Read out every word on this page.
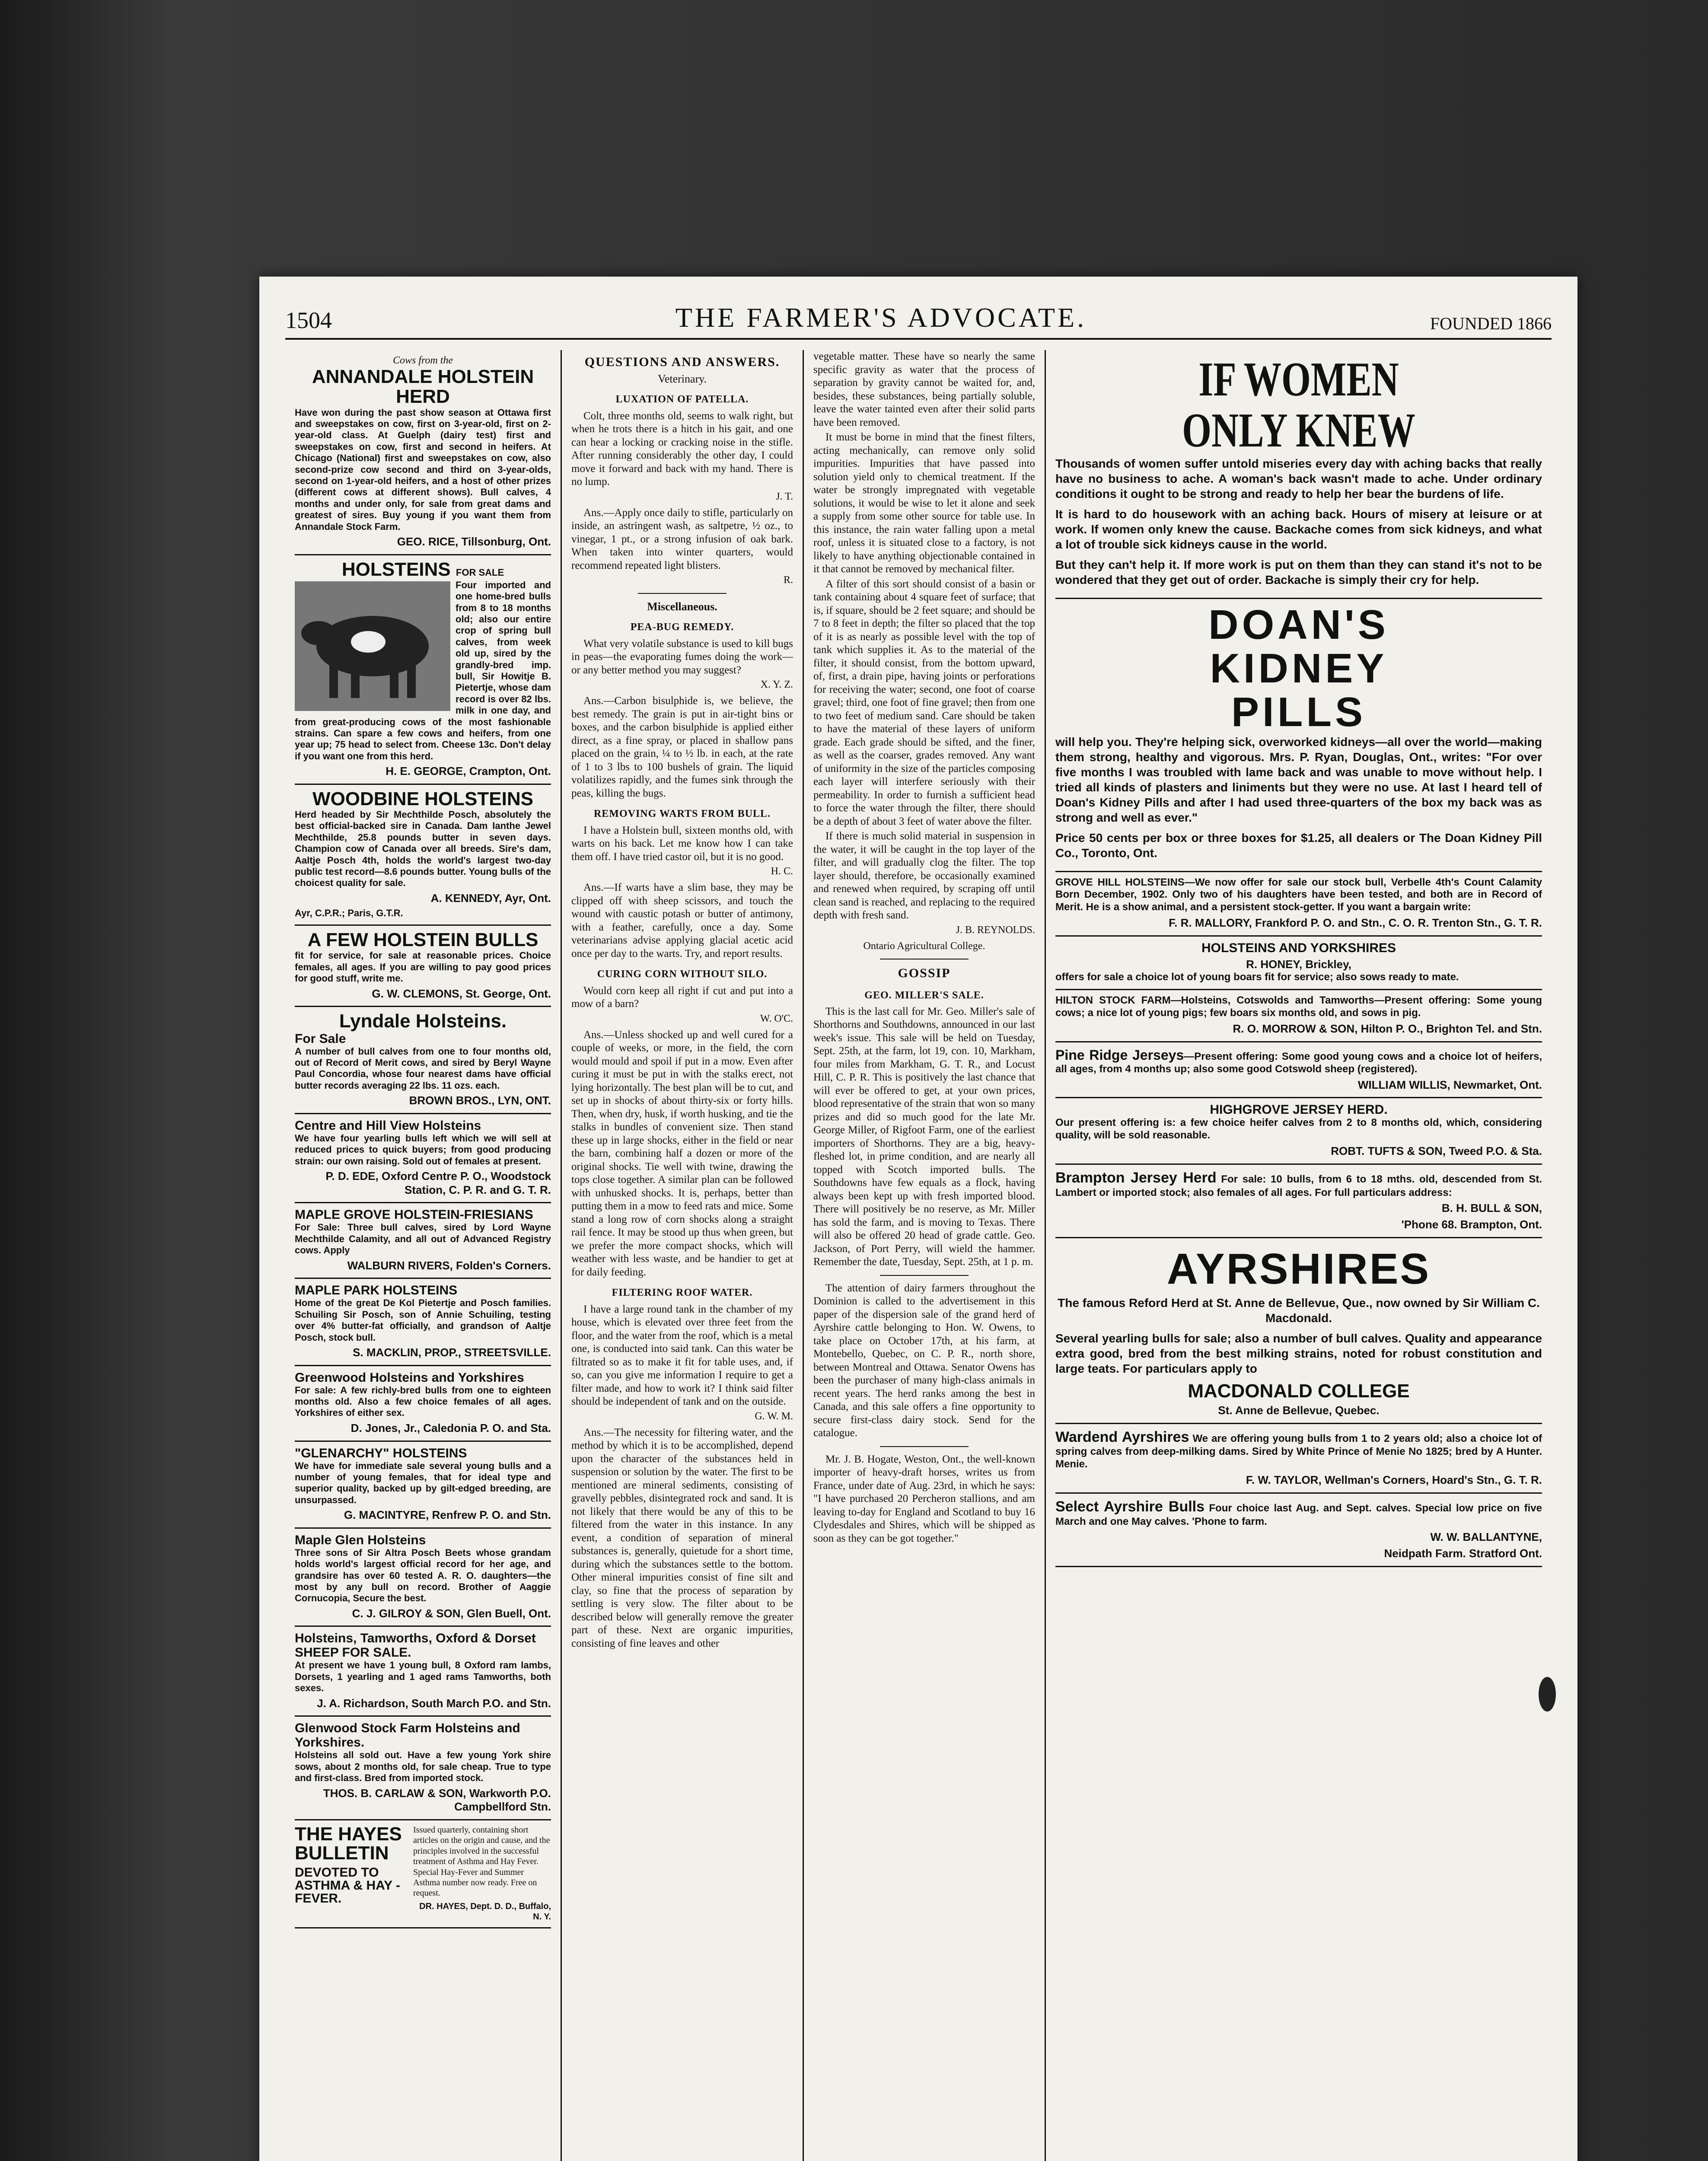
1504	THE FARMER'S ADVOCATE.	FOUNDED 1866
Cows from the
ANNANDALE HOLSTEIN HERD

Have won during the past show season at Ottawa first and sweepstakes on cow, first on 3-year-old, first on 2-year-old class. At Guelph (dairy test) first and sweepstakes on cow, first and second in heifers. At Chicago (National) first and sweepstakes on cow, also second-prize cow second and third on 3-year-olds, second on 1-year-old heifers, and a host of other prizes (different cows at different shows). Bull calves, 4 months and under only, for sale from great dams and greatest of sires. Buy young if you want them from Annandale Stock Farm.

GEO. RICE, Tillsonburg, Ont.
HOLSTEINS FOR SALE

Four imported and one home-bred bulls from 8 to 18 months old; also our entire crop of spring bull calves, from week old up, sired by the grandly-bred imp. bull, Sir Howitje B. Pietertje, whose dam record is over 82 lbs. milk in one day, and from great-producing cows of the most fashionable strains. Can spare a few cows and heifers, from one year up; 75 head to select from. Cheese 13c. Don't delay if you want one from this herd.

H. E. GEORGE, Crampton, Ont.
WOODBINE HOLSTEINS

Herd headed by Sir Mechthilde Posch, absolutely the best official-backed sire in Canada. Dam Ianthe Jewel Mechthilde, 25.8 pounds butter in seven days. Champion cow of Canada over all breeds. Sire's dam, Aaltje Posch 4th, holds the world's largest two-day public test record—8.6 pounds butter. Young bulls of the choicest quality for sale.

A. KENNEDY, Ayr, Ont.
Ayr, C.P.R.; Paris, G.T.R.
A FEW HOLSTEIN BULLS

fit for service, for sale at reasonable prices. Choice females, all ages. If you are willing to pay good prices for good stuff, write me.

G. W. CLEMONS, St. George, Ont.
Lyndale Holsteins.
For Sale

A number of bull calves from one to four months old, out of Record of Merit cows, and sired by Beryl Wayne Paul Concordia, whose four nearest dams have official butter records averaging 22 lbs. 11 ozs. each.

BROWN BROS., LYN, ONT.
Centre and Hill View Holsteins

We have four yearling bulls left which we will sell at reduced prices to quick buyers; from good producing strain: our own raising. Sold out of females at present.

P. D. EDE, Oxford Centre P. O., Woodstock Station, C. P. R. and G. T. R.
MAPLE GROVE HOLSTEIN-FRIESIANS

For Sale: Three bull calves, sired by Lord Wayne Mechthilde Calamity, and all out of Advanced Registry cows. Apply

WALBURN RIVERS, Folden's Corners.
MAPLE PARK HOLSTEINS

Home of the great De Kol Pietertje and Posch families. Schuiling Sir Posch, son of Annie Schuiling, testing over 4% butter-fat officially, and grandson of Aaltje Posch, stock bull.

S. MACKLIN, PROP., STREETSVILLE.
Greenwood Holsteins and Yorkshires

For sale: A few richly-bred bulls from one to eighteen months old. Also a few choice females of all ages. Yorkshires of either sex.

D. Jones, Jr., Caledonia P. O. and Sta.
"GLENARCHY" HOLSTEINS

We have for immediate sale several young bulls and a number of young females, that for ideal type and superior quality, backed up by gilt-edged breeding, are unsurpassed.

G. MACINTYRE, Renfrew P. O. and Stn.
Maple Glen Holsteins

Three sons of Sir Altra Posch Beets whose grandam holds world's largest official record for her age, and grandsire has over 60 tested A. R. O. daughters—the most by any bull on record. Brother of Aaggie Cornucopia, Secure the best.

C. J. GILROY & SON, Glen Buell, Ont.
Holsteins, Tamworths, Oxford & Dorset SHEEP FOR SALE.

At present we have 1 young bull, 8 Oxford ram lambs, Dorsets, 1 yearling and 1 aged rams Tamworths, both sexes.

J. A. Richardson, South March P.O. and Stn.
Glenwood Stock Farm Holsteins and Yorkshires.

Holsteins all sold out. Have a few young York shire sows, about 2 months old, for sale cheap. True to type and first-class. Bred from imported stock.

THOS. B. CARLAW & SON, Warkworth P.O. Campbellford Stn.
THE HAYES BULLETIN
DEVOTED TO ASTHMA & HAY - FEVER.
Issued quarterly, containing short articles on the origin and cause, and the principles involved in the successful treatment of Asthma and Hay Fever. Special Hay-Fever and Summer Asthma number now ready. Free on request.
DR. HAYES, Dept. D. D., Buffalo, N. Y.
QUESTIONS AND ANSWERS.
Veterinary.
LUXATION OF PATELLA.

Colt, three months old, seems to walk right, but when he trots there is a hitch in his gait, and one can hear a locking or cracking noise in the stifle. After running considerably the other day, I could move it forward and back with my hand. There is no lump.

J. T.

Ans.—Apply once daily to stifle, particularly on inside, an astringent wash, as saltpetre, ½ oz., to vinegar, 1 pt., or a strong infusion of oak bark. When taken into winter quarters, would recommend repeated light blisters.

R.
Miscellaneous.
PEA-BUG REMEDY.

What very volatile substance is used to kill bugs in peas—the evaporating fumes doing the work—or any better method you may suggest?

X. Y. Z.

Ans.—Carbon bisulphide is, we believe, the best remedy. The grain is put in air-tight bins or boxes, and the carbon bisulphide is applied either direct, as a fine spray, or placed in shallow pans placed on the grain, ¼ to ½ lb. in each, at the rate of 1 to 3 lbs to 100 bushels of grain. The liquid volatilizes rapidly, and the fumes sink through the peas, killing the bugs.

REMOVING WARTS FROM BULL.

I have a Holstein bull, sixteen months old, with warts on his back. Let me know how I can take them off. I have tried castor oil, but it is no good.

H. C.

Ans.—If warts have a slim base, they may be clipped off with sheep scissors, and touch the wound with caustic potash or butter of antimony, with a feather, carefully, once a day. Some veterinarians advise applying glacial acetic acid once per day to the warts. Try, and report results.

CURING CORN WITHOUT SILO.

Would corn keep all right if cut and put into a mow of a barn?

W. O'C.

Ans.—Unless shocked up and well cured for a couple of weeks, or more, in the field, the corn would mould and spoil if put in a mow. Even after curing it must be put in with the stalks erect, not lying horizontally. The best plan will be to cut, and set up in shocks of about thirty-six or forty hills. Then, when dry, husk, if worth husking, and tie the stalks in bundles of convenient size. Then stand these up in large shocks, either in the field or near the barn, combining half a dozen or more of the original shocks. Tie well with twine, drawing the tops close together. A similar plan can be followed with unhusked shocks. It is, perhaps, better than putting them in a mow to feed rats and mice. Some stand a long row of corn shocks along a straight rail fence. It may be stood up thus when green, but we prefer the more compact shocks, which will weather with less waste, and be handier to get at for daily feeding.

FILTERING ROOF WATER.

I have a large round tank in the chamber of my house, which is elevated over three feet from the floor, and the water from the roof, which is a metal one, is conducted into said tank. Can this water be filtrated so as to make it fit for table uses, and, if so, can you give me information I require to get a filter made, and how to work it? I think said filter should be independent of tank and on the outside.

G. W. M.

Ans.—The necessity for filtering water, and the method by which it is to be accomplished, depend upon the character of the substances held in suspension or solution by the water. The first to be mentioned are mineral sediments, consisting of gravelly pebbles, disintegrated rock and sand. It is not likely that there would be any of this to be filtered from the water in this instance. In any event, a condition of separation of mineral substances is, generally, quietude for a short time, during which the substances settle to the bottom. Other mineral impurities consist of fine silt and clay, so fine that the process of separation by settling is very slow. The filter about to be described below will generally remove the greater part of these. Next are organic impurities, consisting of fine leaves and other

vegetable matter. These have so nearly the same specific gravity as water that the process of separation by gravity cannot be waited for, and, besides, these substances, being partially soluble, leave the water tainted even after their solid parts have been removed.

It must be borne in mind that the finest filters, acting mechanically, can remove only solid impurities. Impurities that have passed into solution yield only to chemical treatment. If the water be strongly impregnated with vegetable solutions, it would be wise to let it alone and seek a supply from some other source for table use. In this instance, the rain water falling upon a metal roof, unless it is situated close to a factory, is not likely to have anything objectionable contained in it that cannot be removed by mechanical filter.

A filter of this sort should consist of a basin or tank containing about 4 square feet of surface; that is, if square, should be 2 feet square; and should be 7 to 8 feet in depth; the filter so placed that the top of it is as nearly as possible level with the top of tank which supplies it. As to the material of the filter, it should consist, from the bottom upward, of, first, a drain pipe, having joints or perforations for receiving the water; second, one foot of coarse gravel; third, one foot of fine gravel; then from one to two feet of medium sand. Care should be taken to have the material of these layers of uniform grade. Each grade should be sifted, and the finer, as well as the coarser, grades removed. Any want of uniformity in the size of the particles composing each layer will interfere seriously with their permeability. In order to furnish a sufficient head to force the water through the filter, there should be a depth of about 3 feet of water above the filter.

If there is much solid material in suspension in the water, it will be caught in the top layer of the filter, and will gradually clog the filter. The top layer should, therefore, be occasionally examined and renewed when required, by scraping off until clean sand is reached, and replacing to the required depth with fresh sand.

J. B. REYNOLDS.
Ontario Agricultural College.
GOSSIP
GEO. MILLER'S SALE.

This is the last call for Mr. Geo. Miller's sale of Shorthorns and Southdowns, announced in our last week's issue. This sale will be held on Tuesday, Sept. 25th, at the farm, lot 19, con. 10, Markham, four miles from Markham, G. T. R., and Locust Hill, C. P. R. This is positively the last chance that will ever be offered to get, at your own prices, blood representative of the strain that won so many prizes and did so much good for the late Mr. George Miller, of Rigfoot Farm, one of the earliest importers of Shorthorns. They are a big, heavy-fleshed lot, in prime condition, and are nearly all topped with Scotch imported bulls. The Southdowns have few equals as a flock, having always been kept up with fresh imported blood. There will positively be no reserve, as Mr. Miller has sold the farm, and is moving to Texas. There will also be offered 20 head of grade cattle. Geo. Jackson, of Port Perry, will wield the hammer. Remember the date, Tuesday, Sept. 25th, at 1 p. m.

The attention of dairy farmers throughout the Dominion is called to the advertisement in this paper of the dispersion sale of the grand herd of Ayrshire cattle belonging to Hon. W. Owens, to take place on October 17th, at his farm, at Montebello, Quebec, on C. P. R., north shore, between Montreal and Ottawa. Senator Owens has been the purchaser of many high-class animals in recent years. The herd ranks among the best in Canada, and this sale offers a fine opportunity to secure first-class dairy stock. Send for the catalogue.

Mr. J. B. Hogate, Weston, Ont., the well-known importer of heavy-draft horses, writes us from France, under date of Aug. 23rd, in which he says: "I have purchased 20 Percheron stallions, and am leaving to-day for England and Scotland to buy 16 Clydesdales and Shires, which will be shipped as soon as they can be got together."

IF WOMEN
ONLY KNEW
Thousands of women suffer untold miseries every day with aching backs that really have no business to ache. A woman's back wasn't made to ache. Under ordinary conditions it ought to be strong and ready to help her bear the burdens of life.
It is hard to do housework with an aching back. Hours of misery at leisure or at work. If women only knew the cause. Backache comes from sick kidneys, and what a lot of trouble sick kidneys cause in the world.
But they can't help it. If more work is put on them than they can stand it's not to be wondered that they get out of order. Backache is simply their cry for help.
DOAN'S
KIDNEY
PILLS
will help you. They're helping sick, overworked kidneys—all over the world—making them strong, healthy and vigorous. Mrs. P. Ryan, Douglas, Ont., writes: "For over five months I was troubled with lame back and was unable to move without help. I tried all kinds of plasters and liniments but they were no use. At last I heard tell of Doan's Kidney Pills and after I had used three-quarters of the box my back was as strong and well as ever."
Price 50 cents per box or three boxes for $1.25, all dealers or The Doan Kidney Pill Co., Toronto, Ont.

GROVE HILL HOLSTEINS—We now offer for sale our stock bull, Verbelle 4th's Count Calamity Born December, 1902. Only two of his daughters have been tested, and both are in Record of Merit. He is a show animal, and a persistent stock-getter. If you want a bargain write:

F. R. MALLORY, Frankford P. O. and Stn., C. O. R. Trenton Stn., G. T. R.
HOLSTEINS AND YORKSHIRES
R. HONEY, Brickley,

offers for sale a choice lot of young boars fit for service; also sows ready to mate.

HILTON STOCK FARM—Holsteins, Cotswolds and Tamworths—Present offering: Some young cows; a nice lot of young pigs; few boars six months old, and sows in pig.

R. O. MORROW & SON, Hilton P. O., Brighton Tel. and Stn.

Pine Ridge Jerseys—Present offering: Some good young cows and a choice lot of heifers, all ages, from 4 months up; also some good Cotswold sheep (registered).

WILLIAM WILLIS, Newmarket, Ont.
HIGHGROVE JERSEY HERD.

Our present offering is: a few choice heifer calves from 2 to 8 months old, which, considering quality, will be sold reasonable.

ROBT. TUFTS & SON, Tweed P.O. & Sta.

Brampton Jersey Herd For sale: 10 bulls, from 6 to 18 mths. old, descended from St. Lambert or imported stock; also females of all ages. For full particulars address:

B. H. BULL & SON,
'Phone 68. Brampton, Ont.
AYRSHIRES
The famous Reford Herd at St. Anne de Bellevue, Que., now owned by Sir William C. Macdonald.
Several yearling bulls for sale; also a number of bull calves. Quality and appearance extra good, bred from the best milking strains, noted for robust constitution and large teats. For particulars apply to
MACDONALD COLLEGE
St. Anne de Bellevue, Quebec.

Wardend Ayrshires We are offering young bulls from 1 to 2 years old; also a choice lot of spring calves from deep-milking dams. Sired by White Prince of Menie No 1825; bred by A Hunter. Menie.

F. W. TAYLOR, Wellman's Corners, Hoard's Stn., G. T. R.

Select Ayrshire Bulls Four choice last Aug. and Sept. calves. Special low price on five March and one May calves. 'Phone to farm.

W. W. BALLANTYNE,
Neidpath Farm. Stratford Ont.
